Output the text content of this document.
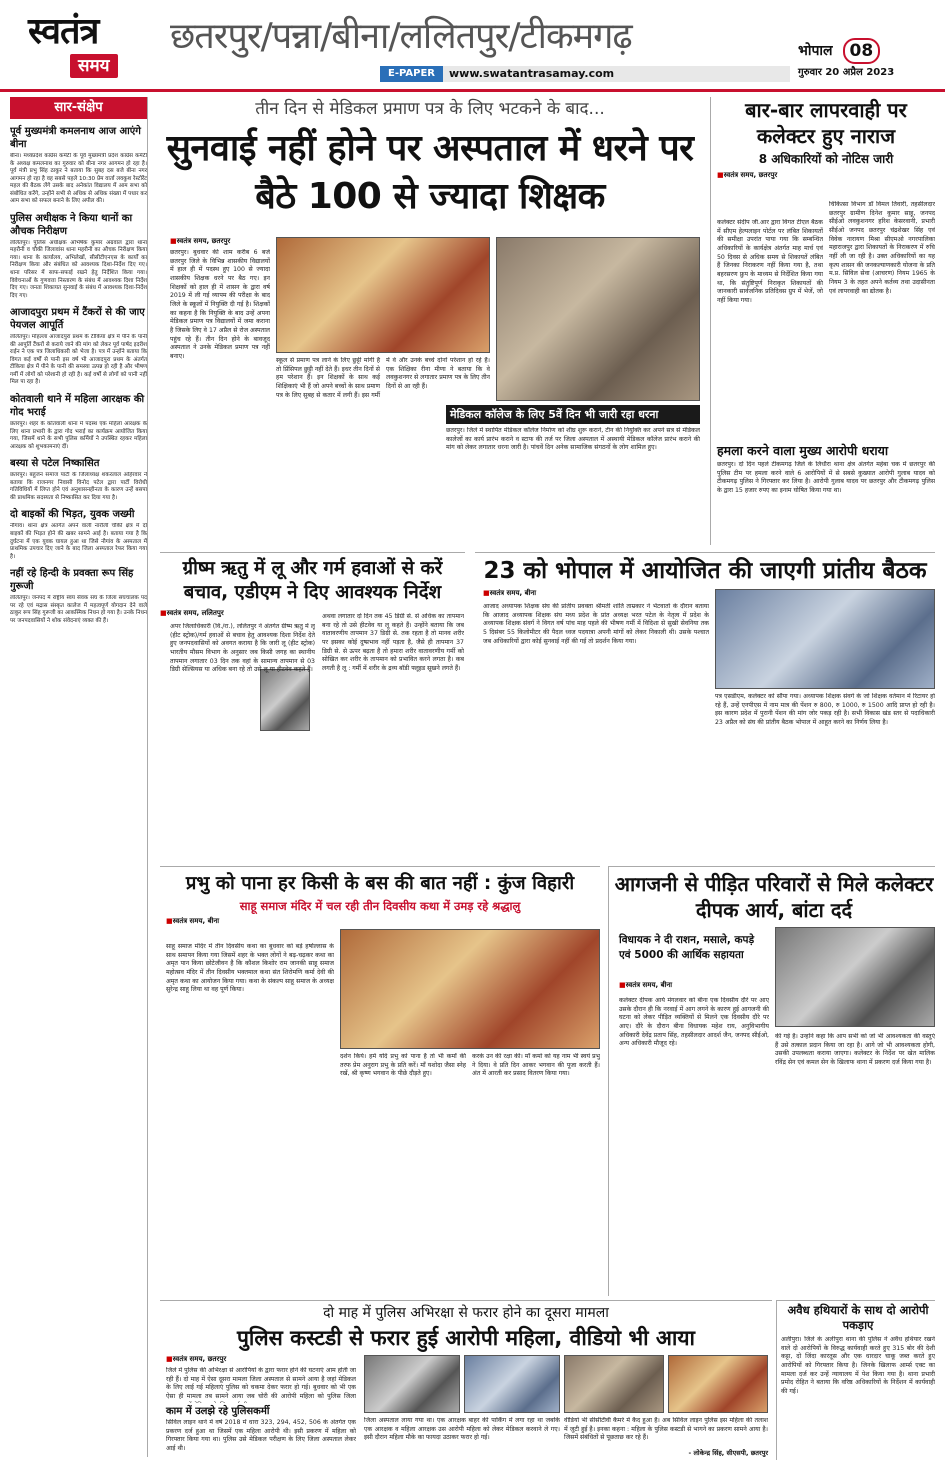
स्वतंत्र
समय
छतरपुर/पन्ना/बीना/ललितपुर/टीकमगढ़
E-PAPER	www.swatantrasamay.com
भोपाल	08
गुरुवार 20 अप्रैल 2023
सार-संक्षेप
पूर्व मुख्यमंत्री कमलनाथ आज आएंगे बीना
बीना। मध्यप्रदेश कांग्रेस कमेटी के पूर्व मुख्यमंत्री प्रदेश कांग्रेस कमेटी के अध्यक्ष कमलनाथ का गुरुवार को बीना नगर आगमन हो रहा है। पूर्व मंत्री प्रभु सिंह ठाकुर ने बताया कि सुबह दस बजे बीना नगर आगमन हो रहा है वह सबसे पहले 10:30 प्रेम वार्ता लवकुश रेस्टोरेंट महल की बैठक लेंगे उसके बाद अनेकांत विद्यालय में आम सभा को संबोधित करेंगे, उन्होंने सभी से अधिक से अधिक संख्या में पधार कर आम सभा को सफल बनाने के लिए अपील की।
पुलिस अधीक्षक ने किया थानों का औचक निरीक्षण
ललितपुर। पुलिस अधीक्षक अभिषेक कुमार अग्रवाल द्वारा थाना महरौनी व चौकी जिलावांस थाना महरौनी का औचक निरीक्षण किया गया। थाना के कार्यालय, अभिलेखों, सीसीटीएनएस के कार्यों का निरीक्षण किया और संबंधित को आवश्यक दिशा-निर्देश दिए गए। थाना परिसर में साफ-सफाई रखने हेतु निर्देशित किया गया। विवेचनाओं के गुणवत्ता निस्तारण के संबंध में आवश्यक दिशा निर्देश दिए गए। जनता शिकायत सुनवाई के संबंध में आवश्यक दिशा-निर्देश दिए गए।
आजादपुरा प्रथम में टैंकरों से की जाए पेयजल आपूर्ति
ललितपुर। मोहल्ला आजादपुरा प्रथम के टीकिया क्षेत्र में पीने के पानी की आपूर्ति टैंकरों से कराये जाने की मांग को लेकर पूर्व पार्षद इदरीश राईन ने एक पत्र जिलाधिकारी को भेजा है। पत्र में उन्होंने बताया कि विगत कई वर्षों से पानी इस वर्ष भी आजादपुरा प्रथम के अंतर्गत टीकिया क्षेत्र में पीने के पानी की समस्या उत्पन्न हो रही है और भीषण गर्मी में लोगों को परेशानी हो रही है। कई वर्षों से लोगों को पानी नहीं मिल पा रहा है।
कोतवाली थाने में महिला आरक्षक की गोद भराई
छतरपुर। शहर के कोतवाली थाना में पदस्थ एक महिला आरक्षक के लिए थाना प्रभारी के द्वारा गोद भराई का कार्यक्रम आयोजित किया गया, जिसमें थाने के सभी पुलिस कर्मियों ने उपस्थित रहकर महिला आरक्षक को शुभकामनाएं दीं।
बस्या से पटेल निष्कासित
छतरपुर। बहुजन समाज पार्टी के जिलाध्यक्ष शंकरलाल अहिरवार ने बताया कि राजनगर निवासी विनोद पटेल द्वारा पार्टी विरोधी गतिविधियों में लिप्त होने एवं अनुशासनहीनता के कारण उन्हें बसपा की प्राथमिक सदस्यता से निष्कासित कर दिया गया है।
दो बाइकों की भिड़त, युवक जख्मी
नौगांव। थाना क्षेत्र अंतर्गत अपने वाली नारौली चौकी क्षेत्र में दो बाइकों की भिड़त होने की खबर सामने आई है। बताया गया है कि दुर्घटना में एक युवक घायल हुआ था जिसे नौगांव के अस्पताल में प्राथमिक उपचार दिए जाने के बाद जिला अस्पताल रेफर किया गया है।
नहीं रहे हिन्दी के प्रवक्ता रूप सिंह गुरूजी
ललितपुर। जनपद में राष्ट्रीय स्वयं सेवक संघ के जिला संघचालक पद पर रहे एवं मद्रास संस्कृत कालेज में महत्वपूर्ण योगदान देने वाले ठाकुर रूप सिंह गुरूजी का आकस्मिक निधन हो गया है। उनके निधन पर जनपदवासियों ने शोक संवेदनाएं व्यक्त की हैं।
तीन दिन से मेडिकल प्रमाण पत्र के लिए भटकने के बाद...
सुनवाई नहीं होने पर अस्पताल में धरने पर बैठे 100 से ज्यादा शिक्षक
■ स्वतंत्र समय, छतरपुर
छतरपुर। बुधवार की शाम करीब 6 बजे छतरपुर जिले के विभिन्न शासकीय विद्यालयों में हाल ही में पदस्थ हुए 100 से ज्यादा शासकीय शिक्षक धरने पर बैठ गए। इन शिक्षकों को हाल ही में शासन के द्वारा वर्ष 2019 में ली गई व्यापम की परीक्षा के बाद जिले के स्कूलों में नियुक्ति दी गई है। शिक्षकों का कहना है कि नियुक्ति के बाद उन्हें अपना मेडिकल प्रमाण पत्र विद्यालयों में जमा कराना है जिसके लिए वे 17 अप्रैल से रोज अस्पताल पहुंच रहे हैं। तीन दिन होने के बावजूद अस्पताल ने उनके मेडिकल प्रमाण पत्र नहीं बनाए।
स्कूल से प्रमाण पत्र लाने के लिए छुट्टी मांगी है तो प्रिंसिपल छुट्टी नहीं देते हैं। इधर तीन दिनों से हम परेशान हैं। इन शिक्षकों के साथ कई शिक्षिकाएं भी हैं जो अपने बच्चों के साथ प्रमाण पत्र के लिए सुबह से कतार में लगी हैं। इस गर्मी में वे और उनके बच्चे दोनों परेशान हो रहे हैं। एक शिक्षिका रीना मीणा ने बताया कि वे लवकुशनगर से लगातार प्रमाण पत्र के लिए तीन दिनों से आ रही हैं।
मेडिकल कॉलेज के लिए 5वें दिन भी जारी रहा धरना
छतरपुर। जिले में स्थापित मेडिकल कॉलेज निर्माण को शीघ्र शुरू कराने, टीन की नियुक्ति कर अपने सत्र से मेडिकल कालेजों का कार्य प्रारंभ कराने व स्टाफ की तर्ज पर जिला अस्पताल में अस्थायी मेडिकल कॉलेज प्रारंभ कराने की मांग को लेकर लगातार धरना जारी है। पांचवें दिन अनेक सामाजिक संगठनों के लोग शामिल हुए।
बार-बार लापरवाही पर कलेक्टर हुए नाराज
8 अधिकारियों को नोटिस जारी
■ स्वतंत्र समय, छतरपुर
कलेक्टर संदीप जी.आर द्वारा विगत टीएल बैठक में सीएम हेल्पलाइन पोर्टल पर लंबित शिकायतों की समीक्षा उपरांत पाया गया कि सम्बन्धित अधिकारियों के कार्यक्षेत्र अंतर्गत माह मार्च एवं 50 दिवस से अधिक समय से शिकायतें लंबित हैं जिनका निराकरण नहीं किया गया है, तथा बहरसरण फ्रुप के माध्यम से निर्देशित किया गया था, कि संतुष्टिपूर्ण निराकृत शिकायतों की जानकारी सार्वजनिक प्रतिदिवस ग्रुप में भेजें, जो नहीं किया गया।
चिकित्सा विभाग डॉ विमल तिवारी, तहसीलदार छतरपुर ग्रामीण दिनेश कुमार साहू, जनपद सीईओ लवकुशनगर हरिश केसरवानी, प्रभारी सीईओ जनपद छतरपुर चंद्रशेखर सिंह एवं विवेक नारायण मिश्रा सीएमओ नगरपालिका महाराजपुर द्वारा शिकायतों के निराकरण में रुचि नहीं ली जा रही है। उक्त अधिकारियों का यह कृत्य शासन की जनकल्याणकारी योजना के प्रति म.प्र. सिविल सेवा (आचरण) नियम 1965 के नियम 3 के तहत अपने कर्तव्य तथा उदासीनता एवं लापरवाही का द्योतक है।
हमला करने वाला मुख्य आरोपी धराया
छतरपुर। दो दिन पहले टीकमगढ़ जिले के लिधौरा थाना क्षेत्र अंतर्गत महेबा चक में छतरपुर की पुलिस टीम पर हमला करने वाले 6 आरोपियों में से सबसे कुख्यात आरोपी गुलाब यादव को टीकमगढ़ पुलिस ने गिरफ्तार कर लिया है। आरोपी गुलाब यादव पर छतरपुर और टीकमगढ़ पुलिस के द्वारा 15 हजार रुपए का इनाम घोषित किया गया था।
ग्रीष्म ऋतु में लू और गर्म हवाओं से करें बचाव, एडीएम ने दिए आवश्यक निर्देश
■ स्वतंत्र समय, ललितपुर
अपर जिलाधिकारी (वि./रा.), ललितपुर ने अंतर्गत ग्रीष्म ऋतु में लू (हीट स्ट्रोक)/गर्म हवाओं से बचाव हेतु आवश्यक दिशा निर्देश देते हुए जनपदवासियों को अवगत कराया है कि जारी लू (हीट स्ट्रोक) भारतीय मौसम विभाग के अनुसार जब किसी जगह का स्थानीय तापमान लगातार 03 दिन तक वहां के सामान्य तापमान से 03 डिग्री सेल्सियस या अधिक बना रहे तो उसे लू या हीटवेव कहते हैं।
अथवा लगातार दो दिन तक 45 डिग्री से. से अधिक का तापमान बना रहे तो उसे हीटवेव या लू कहते हैं। उन्होंने बताया कि जब वातावरणीय तापमान 37 डिग्री से. तक रहता है तो मानव शरीर पर इसका कोई दुष्प्रभाव नहीं पड़ता है, जैसे ही तापमान 37 डिग्री से. से ऊपर बढ़ता है तो हमारा शरीर वातावरणीय गर्मी को सोखित कर शरीर के तापमान को प्रभावित करने लगता है। कब लगती है लू : गर्मी में शरीर के द्रव्य बॉडी फ्लूइड सूखने लगते हैं।
23 को भोपाल में आयोजित की जाएगी प्रांतीय बैठक
■ स्वतंत्र समय, बीना
आजाद अध्यापक शिक्षक संघ की प्रांतीय प्रवक्ता श्रीमती शांति ताम्रकार ने भेंटवार्ता के दौरान बताया कि आजाद अध्यापक शिक्षक संघ मध्य प्रदेश के प्रांत अध्यक्ष भरत पटेल के नेतृत्व में प्रदेश के अध्यापक शिक्षक संवर्ग ने विगत वर्ष पांच माह पहले की भीषण गर्मी में विदिशा से सुखी सेवनिया तक 5 दिसंबर 55 किलोमीटर की पैदल ध्वज पदयात्रा अपनी मांगों को लेकर निकाली थी। उसके पश्चात जब अधिकारियों द्वारा कोई सुनवाई नहीं की गई तो प्रदर्शन किया गया।
पत्र एसडीएम, कलेक्टर को सौंपा गया। अध्यापक शिक्षक संवर्ग के जो शिक्षक वर्तमान में रिटायर हो रहे हैं, उन्हें एनपीएस में नाम मात्र की पेंशन रु 800, रु 1000, रु 1500 आदि प्राप्त हो रही है। इस कारण प्रदेश में पुरानी पेंशन की मांग जोर पकड़ रही है। सभी विकास खंड स्तर से पदाधिकारी 23 अप्रैल को संघ की प्रांतीय बैठक भोपाल में आहूत करने का निर्णय लिया है।
प्रभु को पाना हर किसी के बस की बात नहीं : कुंज विहारी
साहू समाज मंदिर में चल रही तीन दिवसीय कथा में उमड़ रहे श्रद्धालु
■ स्वतंत्र समय, बीना
साहू समाज मंदिर में तीन दिवसीय कथा का बुधवार को बड़े हर्षोल्लास के साथ समापन किया गया जिसमें शहर के भक्त लोगों ने बढ़-चढ़कर कथा का अमृत पान किया छोटेजीवन है कि कौशल किशोर राम जानकी साहू समाज महोत्सव मंदिर में तीन दिवसीय भक्तमाल कथा संत शिरोमणि कर्मा देवी की अमृत कथा का आयोजन किया गया। कथा के संकल्प साहू समाज के अध्यक्ष सुरेन्द्र साहू लिया था वह पूर्ण किया।
दर्शन किये। हमें यदि प्रभु को पाना है तो भी कर्मों की तरफ प्रेम अनुराग प्रभु के प्रति करें। माँ यशोदा जैसा स्नेह रखें, श्री कृष्ण भगवान के पीछे दौड़ते हुए।
करके उन की रक्षा की। माँ कर्मा को यह नाम भी स्वयं प्रभु ने दिया। वे प्रति दिन आकर भगवान की पूजा करती हैं। अंत में आरती कर प्रसाद वितरण किया गया।
आगजनी से पीड़ित परिवारों से मिले कलेक्टर दीपक आर्य, बांटा दर्द
विधायक ने दी राशन, मसाले, कपड़े एवं 5000 की आर्थिक सहायता
■ स्वतंत्र समय, बीना
कलेक्टर दीपक आर्य मंगलवार को बीना एक दिवसीय दौरे पर आए उसके दौरान ही कि नरवाई में आग लगने के कारण हुई आगजनी की घटना को लेकर पीड़ित व्यक्तियों से मिलने एक दिवसीय दौरे पर आए। दौरे के दौरान बीना विधायक महेश राय, अनुविभागीय अधिकारी देवेंद्र प्रताप सिंह, तहसीलदार आदर्श जैन, जनपद सीईओ, अन्य अधिकारी मौजूद रहे।
की गई है। उन्होंने कहा कि आप सभी को जो भी आवश्यकता की वस्तुएं हैं उसे तत्काल प्रदान किया जा रहा है। आगे जो भी आवश्यकता होगी, उसकी उपलब्धता कराया जाएगा। कलेक्टर के निर्देश पर खेत मालिक रविंद्र सेन एवं कमल सेन के खिलाफ थाना में प्रकरण दर्ज किया गया है।
दो माह में पुलिस अभिरक्षा से फरार होने का दूसरा मामला
पुलिस कस्टडी से फरार हुई आरोपी महिला, वीडियो भी आया
■ स्वतंत्र समय, छतरपुर
जिले में पुलिस की अभिरक्षा से आरोपियों के द्वारा फरार होने की घटनाएं आम होती जा रही हैं। दो माह में ऐसा दूसरा मामला जिला अस्पताल से सामने आया है जहां मेडिकल के लिए लाई गई महिलाएं पुलिस को चकमा देकर फरार हो गई। बुधवार को भी एक ऐसा ही मामला तब सामने आया जब चोरी की आरोपी महिला को पुलिस जिला
काम में उलझे रहे पुलिसकर्मी
सिविल लाइन थाने में वर्ष 2018 में धारा 323, 294, 452, 506 के अंतर्गत एक प्रकरण दर्ज हुआ था जिसमें एक महिला आरोपी थी। इसी प्रकरण में महिला को गिरफ्तार किया गया था। पुलिस उसे मेडिकल परीक्षण के लिए जिला अस्पताल लेकर आई थी।
जिला अस्पताल लाया गया था। एक आरक्षक बाहर की पार्किंग में लगा रहा था जबकि एक आरक्षक व महिला आरक्षक उस आरोपी महिला को लेकर मेडिकल करवाने ले गए। इसी दौरान महिला मौके का फायदा उठाकर फरार हो गई।
वीडियो भी सीसीटीवी कैमरे में कैद हुआ है। अब सिविल लाइन पुलिस इस महिला की तलाश में जुटी हुई है। इनका कहना : महिला के पुलिस कस्टडी से भागने का प्रकरण सामने आया है। जिसमें संबंधितों से पूछताछ कर रहे हैं।
- लोकेन्द्र सिंह, सीएसपी, छतरपुर
अवैध हथियारों के साथ दो आरोपी पकड़ाए
अलीपुरा। जिले के अलीपुरा थाना की पुलिस ने अवैध हथियार रखने वाले दो आरोपियों के विरुद्ध कार्यवाही करते हुए 315 बोर की देशी कट्टा, दो जिंदा कारतूस और एक धारदार चाकू जब्त करते हुए आरोपियों को गिरफ्तार किया है। जिनके खिलाफ आर्म्स एक्ट का मामला दर्ज कर उन्हें न्यायालय में पेश किया गया है। थाना प्रभारी प्रमोद रोहित ने बताया कि वरिष्ठ अधिकारियों के निर्देशन में कार्यवाही की गई।
